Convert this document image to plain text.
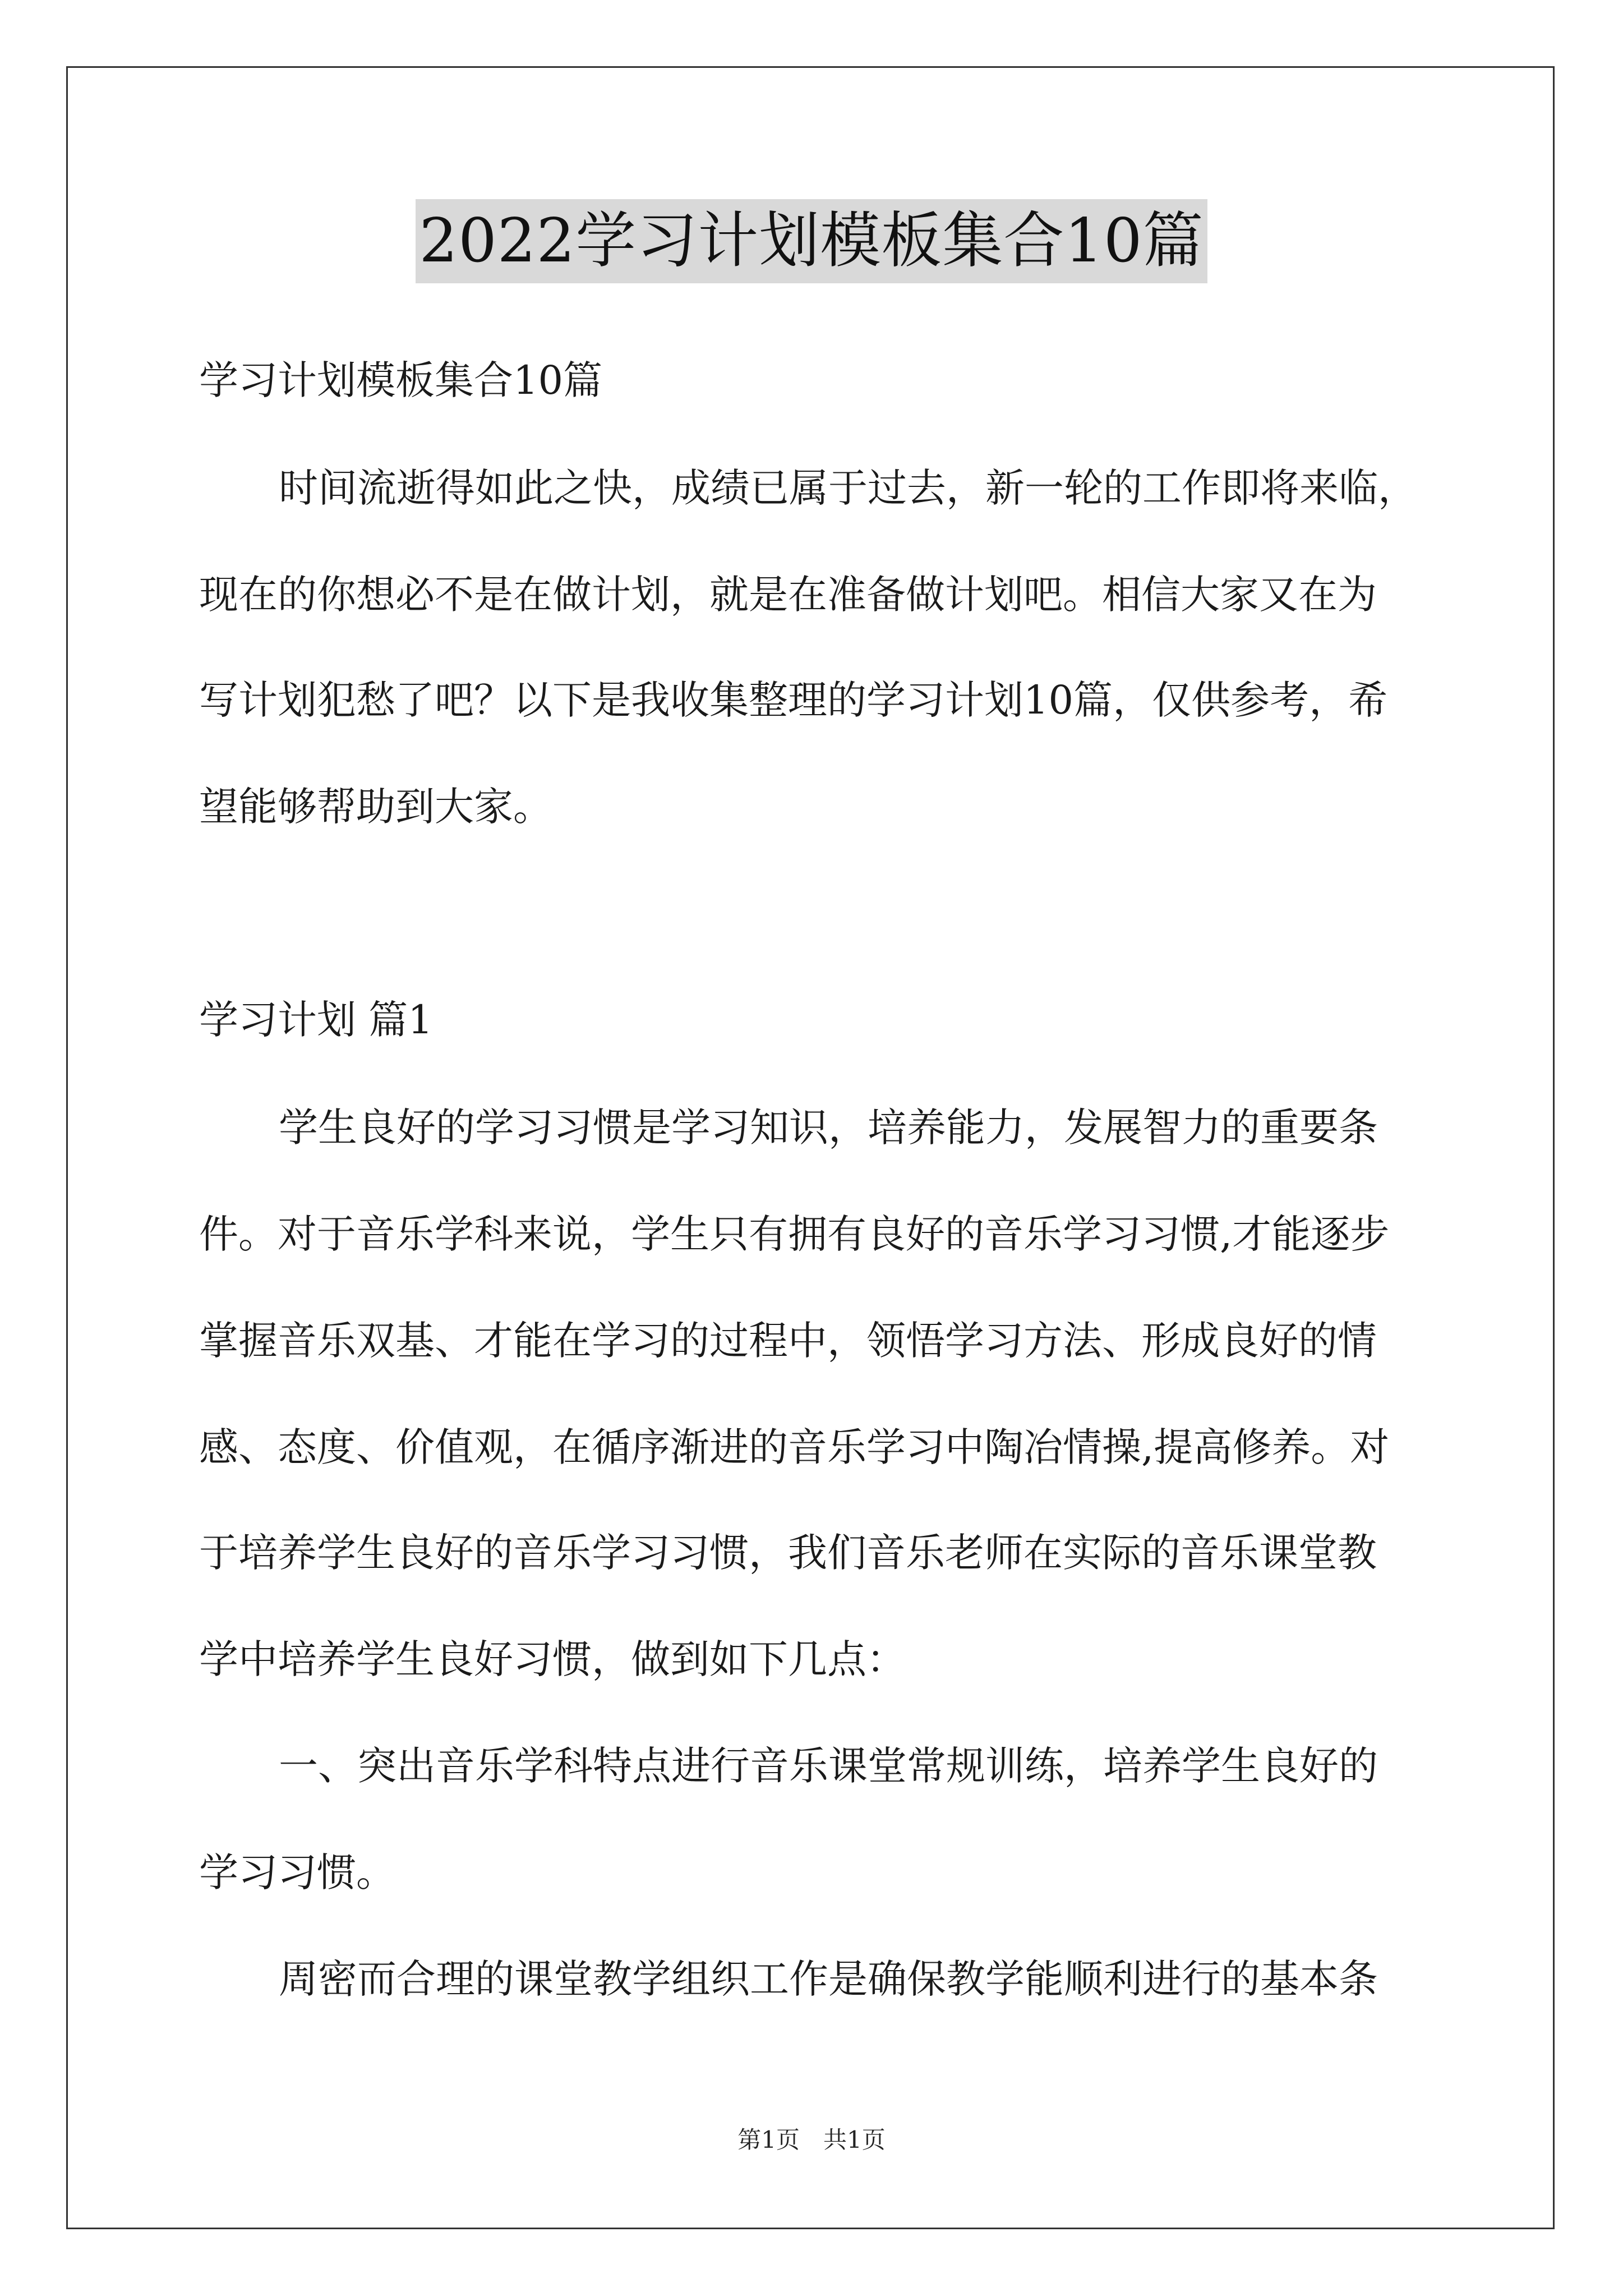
2022学习计划模板集合10篇
学习计划模板集合10篇
时间流逝得如此之快，成绩已属于过去，新一轮的工作即将来临，
现在的你想必不是在做计划，就是在准备做计划吧。相信大家又在为
写计划犯愁了吧？以下是我收集整理的学习计划10篇，仅供参考，希
望能够帮助到大家。
学习计划 篇1
学生良好的学习习惯是学习知识，培养能力，发展智力的重要条
件。对于音乐学科来说，学生只有拥有良好的音乐学习习惯,才能逐步
掌握音乐双基、才能在学习的过程中，领悟学习方法、形成良好的情
感、态度、价值观，在循序渐进的音乐学习中陶冶情操,提高修养。对
于培养学生良好的音乐学习习惯，我们音乐老师在实际的音乐课堂教
学中培养学生良好习惯，做到如下几点：
一、突出音乐学科特点进行音乐课堂常规训练，培养学生良好的
学习习惯。
周密而合理的课堂教学组织工作是确保教学能顺利进行的基本条
第1页　共1页
